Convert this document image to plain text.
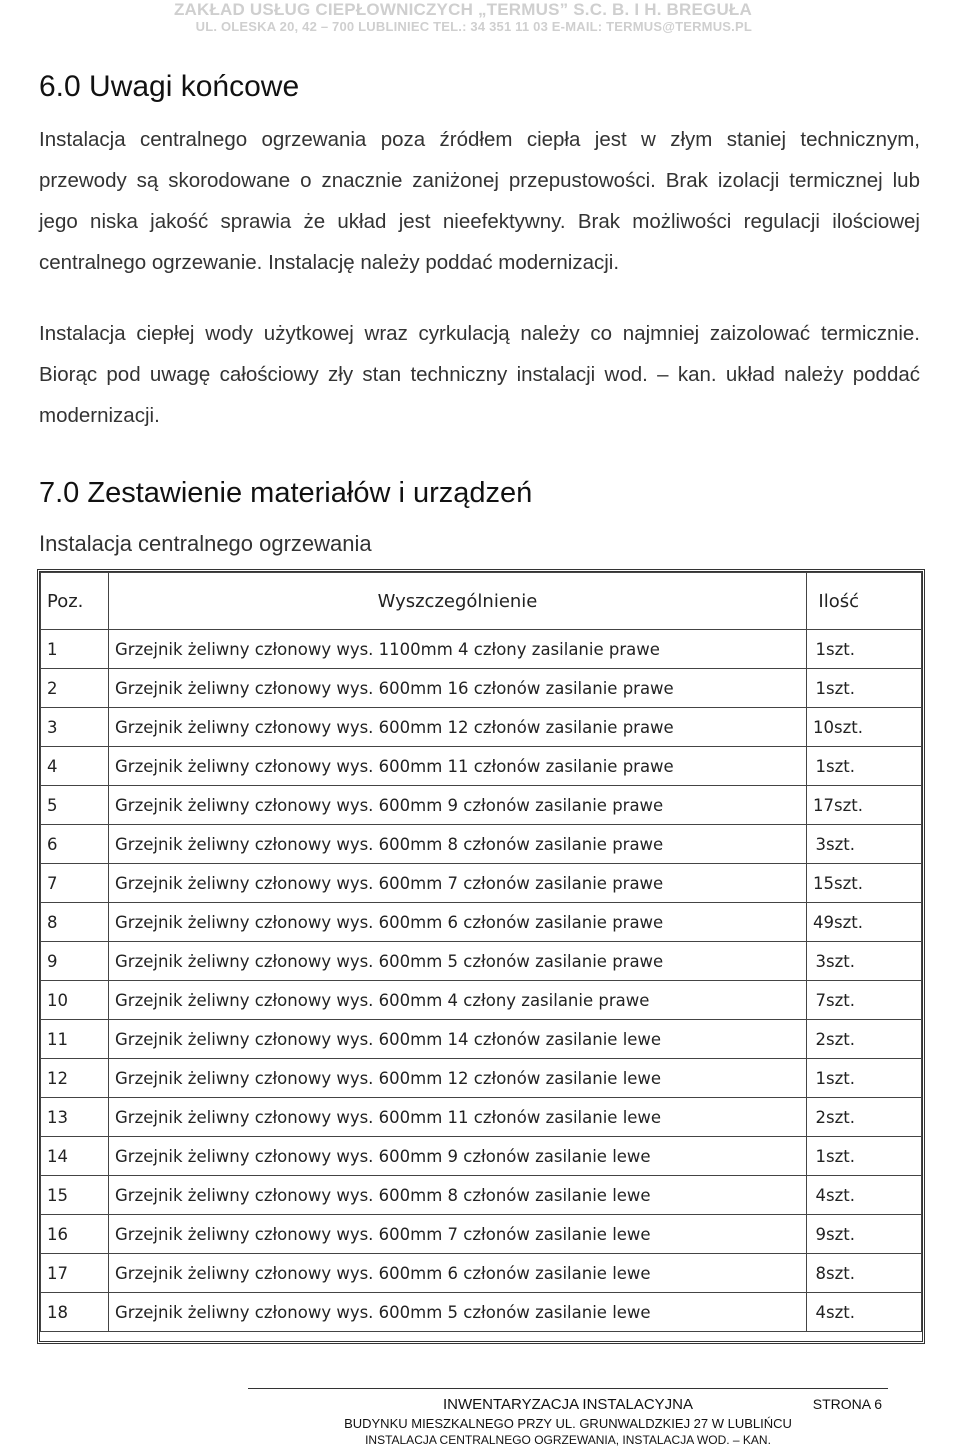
ZAKŁAD USŁUG CIEPŁOWNICZYCH „TERMUS” S.C. B. I H. BREGUŁA
UL. OLESKA 20, 42 – 700 LUBLINIEC TEL.: 34 351 11 03 E-MAIL: TERMUS@TERMUS.PL
6.0 Uwagi końcowe

Instalacja centralnego ogrzewania poza źródłem ciepła jest w złym staniej technicznym, przewody są skorodowane o znacznie zaniżonej przepustowości. Brak izolacji termicznej lub jego niska jakość sprawia że układ jest nieefektywny. Brak możliwości regulacji ilościowej centralnego ogrzewanie. Instalację należy poddać modernizacji.

Instalacja ciepłej wody użytkowej wraz cyrkulacją należy co najmniej zaizolować termicznie. Biorąc pod uwagę całościowy zły stan techniczny instalacji wod. – kan. układ należy poddać modernizacji.

7.0 Zestawienie materiałów i urządzeń
Instalacja centralnego ogrzewania
Poz.	Wyszczególnienie	Ilość
1	Grzejnik żeliwny członowy wys. 1100mm 4 człony zasilanie prawe	1szt.
2	Grzejnik żeliwny członowy wys. 600mm 16 członów zasilanie prawe	1szt.
3	Grzejnik żeliwny członowy wys. 600mm 12 członów zasilanie prawe	10szt.
4	Grzejnik żeliwny członowy wys. 600mm 11 członów zasilanie prawe	1szt.
5	Grzejnik żeliwny członowy wys. 600mm 9 członów zasilanie prawe	17szt.
6	Grzejnik żeliwny członowy wys. 600mm 8 członów zasilanie prawe	3szt.
7	Grzejnik żeliwny członowy wys. 600mm 7 członów zasilanie prawe	15szt.
8	Grzejnik żeliwny członowy wys. 600mm 6 członów zasilanie prawe	49szt.
9	Grzejnik żeliwny członowy wys. 600mm 5 członów zasilanie prawe	3szt.
10	Grzejnik żeliwny członowy wys. 600mm 4 człony zasilanie prawe	7szt.
11	Grzejnik żeliwny członowy wys. 600mm 14 członów zasilanie lewe	2szt.
12	Grzejnik żeliwny członowy wys. 600mm 12 członów zasilanie lewe	1szt.
13	Grzejnik żeliwny członowy wys. 600mm 11 członów zasilanie lewe	2szt.
14	Grzejnik żeliwny członowy wys. 600mm 9 członów zasilanie lewe	1szt.
15	Grzejnik żeliwny członowy wys. 600mm 8 członów zasilanie lewe	4szt.
16	Grzejnik żeliwny członowy wys. 600mm 7 członów zasilanie lewe	9szt.
17	Grzejnik żeliwny członowy wys. 600mm 6 członów zasilanie lewe	8szt.
18	Grzejnik żeliwny członowy wys. 600mm 5 członów zasilanie lewe	4szt.
INWENTARYZACJA INSTALACYJNA	STRONA 6
BUDYNKU MIESZKALNEGO PRZY UL. GRUNWALDZKIEJ 27 W LUBLIŃCU
INSTALACJA CENTRALNEGO OGRZEWANIA, INSTALACJA WOD. – KAN.
